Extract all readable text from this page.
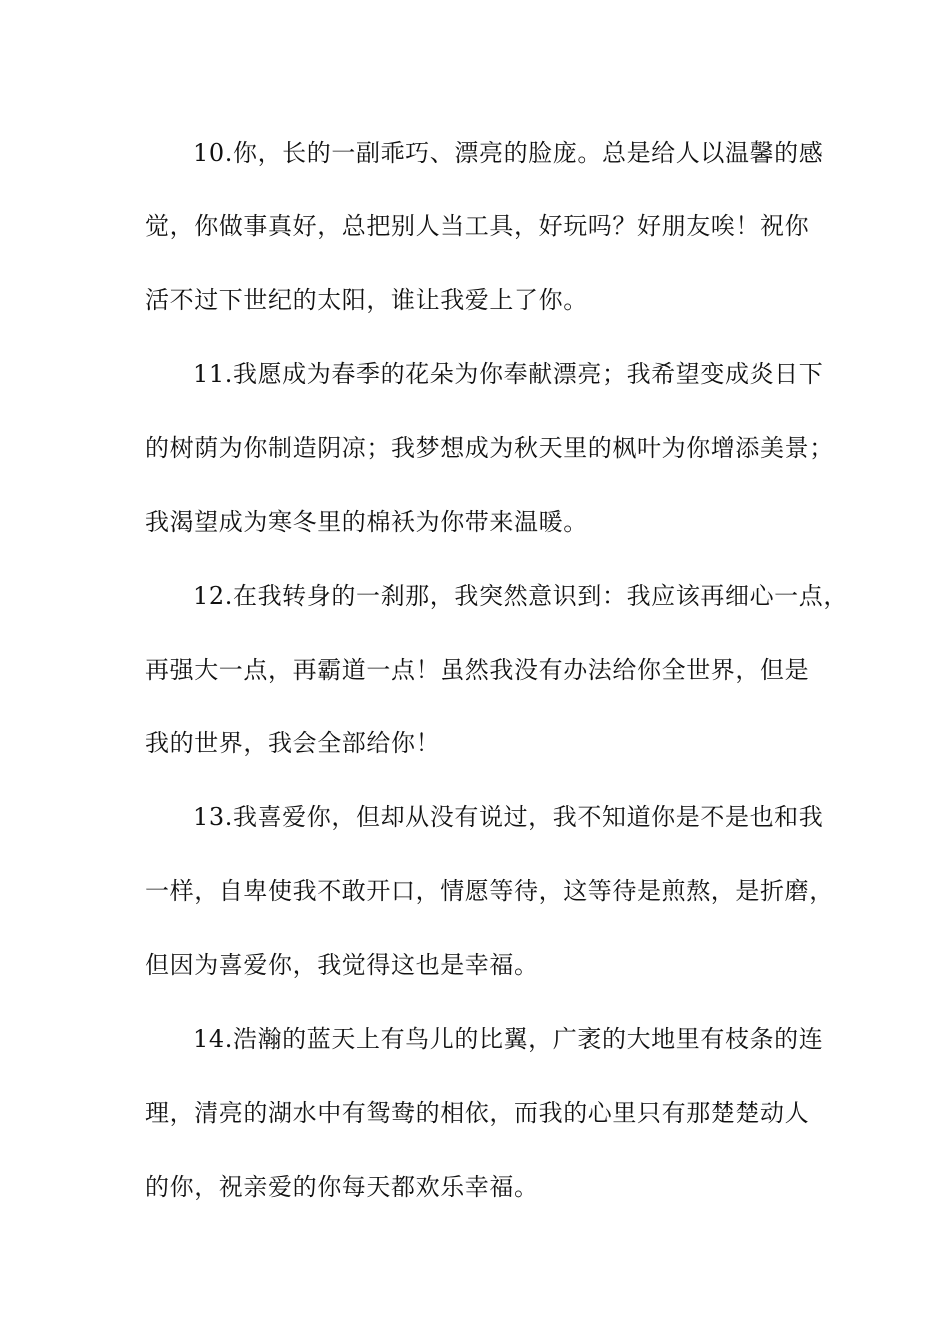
10.你，长的一副乖巧、漂亮的脸庞。总是给人以温馨的感
觉，你做事真好，总把别人当工具，好玩吗？好朋友唉！祝你
活不过下世纪的太阳，谁让我爱上了你。
11.我愿成为春季的花朵为你奉献漂亮；我希望变成炎日下
的树荫为你制造阴凉；我梦想成为秋天里的枫叶为你增添美景；
我渴望成为寒冬里的棉袄为你带来温暖。
12.在我转身的一刹那，我突然意识到：我应该再细心一点，
再强大一点，再霸道一点！虽然我没有办法给你全世界，但是
我的世界，我会全部给你！
13.我喜爱你，但却从没有说过，我不知道你是不是也和我
一样，自卑使我不敢开口，情愿等待，这等待是煎熬，是折磨，
但因为喜爱你，我觉得这也是幸福。
14.浩瀚的蓝天上有鸟儿的比翼，广袤的大地里有枝条的连
理，清亮的湖水中有鸳鸯的相依，而我的心里只有那楚楚动人
的你，祝亲爱的你每天都欢乐幸福。
